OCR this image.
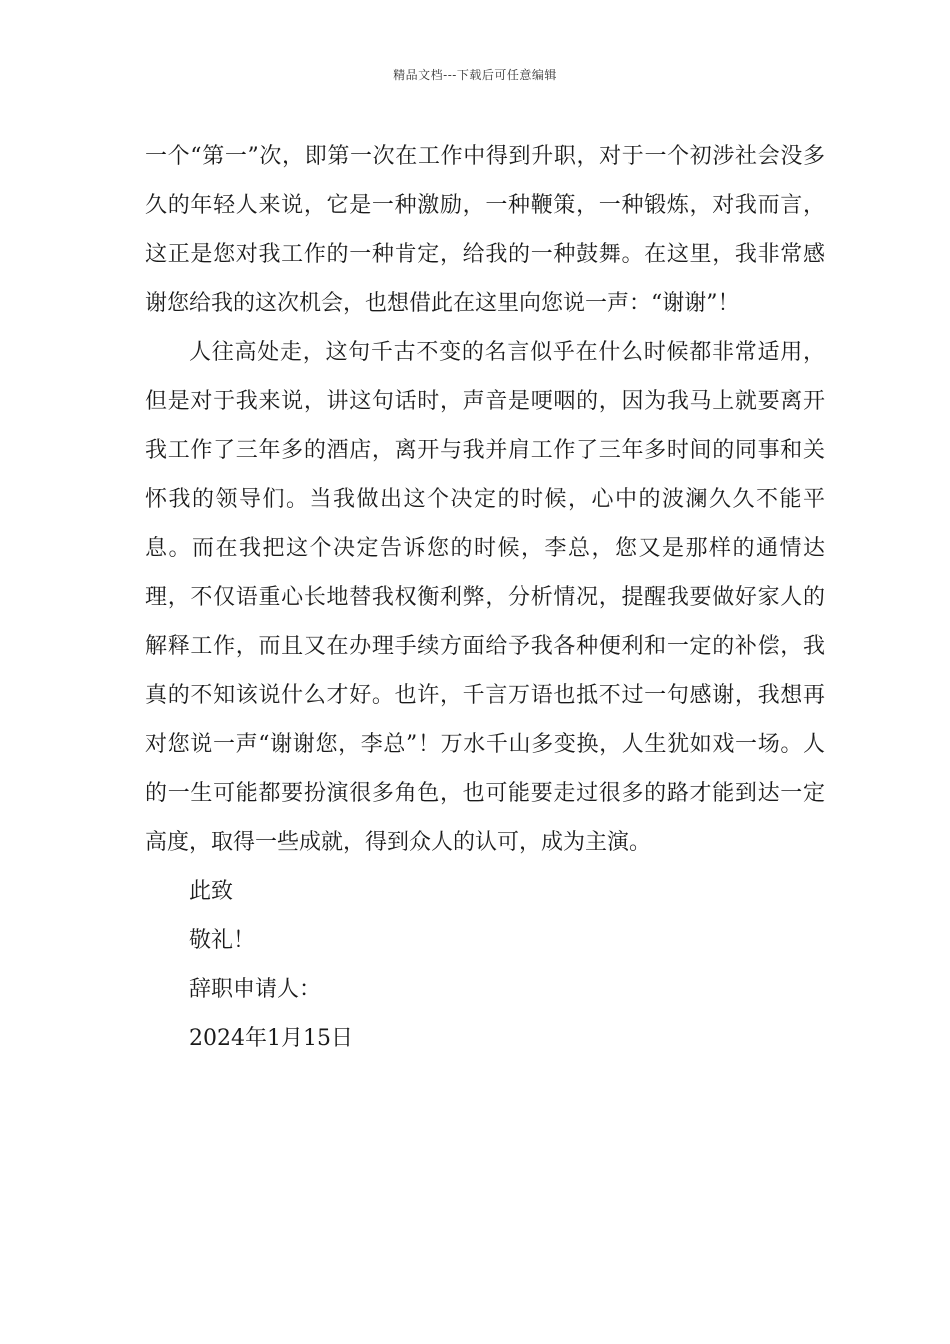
精品文档---下载后可任意编辑

一个“第一”次，即第一次在工作中得到升职，对于一个初涉社会没多久的年轻人来说，它是一种激励，一种鞭策，一种锻炼，对我而言，这正是您对我工作的一种肯定，给我的一种鼓舞。在这里，我非常感谢您给我的这次机会，也想借此在这里向您说一声：“谢谢”！

人往高处走，这句千古不变的名言似乎在什么时候都非常适用，但是对于我来说，讲这句话时，声音是哽咽的，因为我马上就要离开我工作了三年多的酒店，离开与我并肩工作了三年多时间的同事和关怀我的领导们。当我做出这个决定的时候，心中的波澜久久不能平息。而在我把这个决定告诉您的时候，李总，您又是那样的通情达理，不仅语重心长地替我权衡利弊，分析情况，提醒我要做好家人的解释工作，而且又在办理手续方面给予我各种便利和一定的补偿，我真的不知该说什么才好。也许，千言万语也抵不过一句感谢，我想再对您说一声“谢谢您，李总”！万水千山多变换，人生犹如戏一场。人的一生可能都要扮演很多角色，也可能要走过很多的路才能到达一定高度，取得一些成就，得到众人的认可，成为主演。

此致

敬礼！

辞职申请人：

2024年1月15日
